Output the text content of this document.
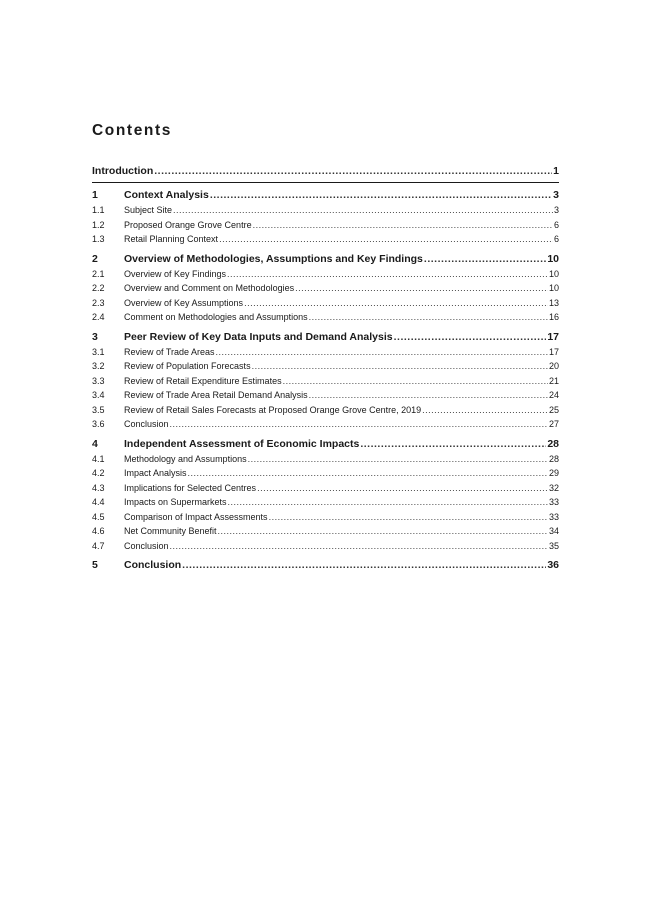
Contents
Introduction .....	1
1	Context Analysis .....	3
1.1	Subject Site .....	3
1.2	Proposed Orange Grove Centre .....	6
1.3	Retail Planning Context .....	6
2	Overview of Methodologies, Assumptions and Key Findings .....	10
2.1	Overview of Key Findings .....	10
2.2	Overview and Comment on Methodologies .....	10
2.3	Overview of Key Assumptions .....	13
2.4	Comment on Methodologies and Assumptions .....	16
3	Peer Review of Key Data Inputs and Demand Analysis .....	17
3.1	Review of Trade Areas .....	17
3.2	Review of Population Forecasts .....	20
3.3	Review of Retail Expenditure Estimates .....	21
3.4	Review of Trade Area Retail Demand Analysis .....	24
3.5	Review of Retail Sales Forecasts at Proposed Orange Grove Centre, 2019 .....	25
3.6	Conclusion .....	27
4	Independent Assessment of Economic Impacts .....	28
4.1	Methodology and Assumptions .....	28
4.2	Impact Analysis .....	29
4.3	Implications for Selected Centres .....	32
4.4	Impacts on Supermarkets .....	33
4.5	Comparison of Impact Assessments .....	33
4.6	Net Community Benefit .....	34
4.7	Conclusion .....	35
5	Conclusion .....	36
